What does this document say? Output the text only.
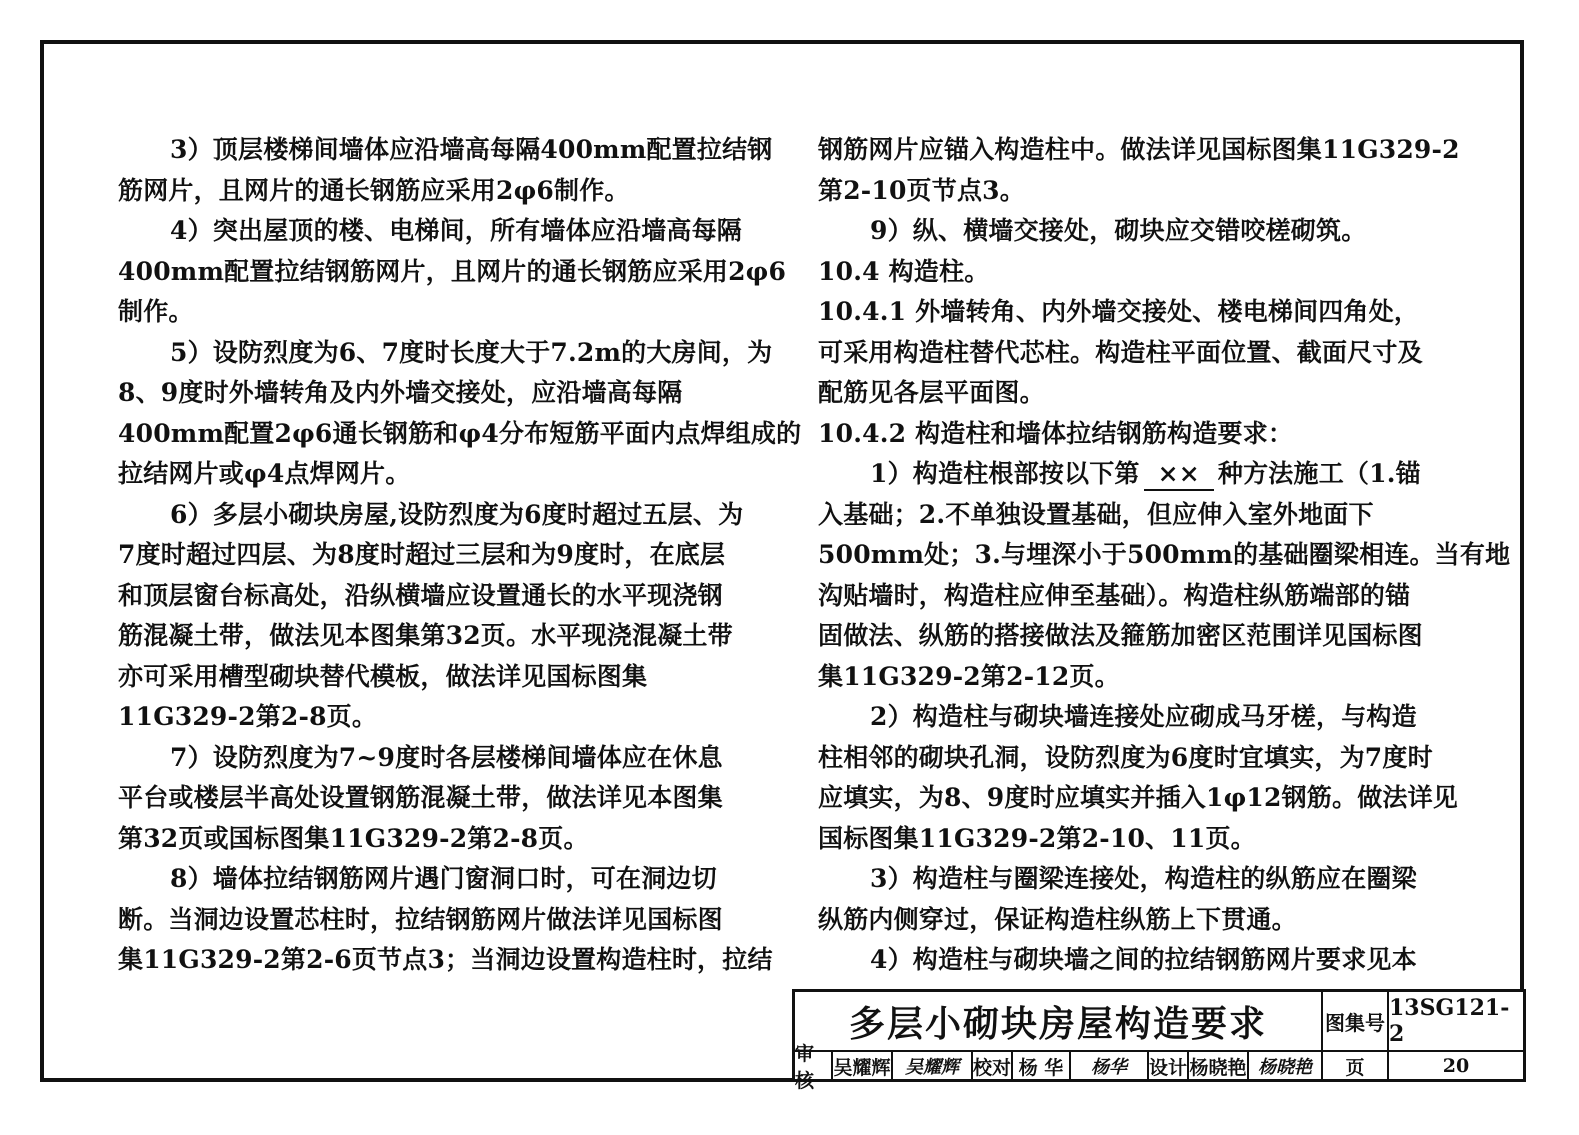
3）顶层楼梯间墙体应沿墙高每隔400mm配置拉结钢
筋网片，且网片的通长钢筋应采用2φ6制作。
4）突出屋顶的楼、电梯间，所有墙体应沿墙高每隔
400mm配置拉结钢筋网片，且网片的通长钢筋应采用2φ6
制作。
5）设防烈度为6、7度时长度大于7.2m的大房间，为
8、9度时外墙转角及内外墙交接处，应沿墙高每隔
400mm配置2φ6通长钢筋和φ4分布短筋平面内点焊组成的
拉结网片或φ4点焊网片。
6）多层小砌块房屋,设防烈度为6度时超过五层、为
7度时超过四层、为8度时超过三层和为9度时，在底层
和顶层窗台标高处，沿纵横墙应设置通长的水平现浇钢
筋混凝土带，做法见本图集第32页。水平现浇混凝土带
亦可采用槽型砌块替代模板，做法详见国标图集
11G329-2第2-8页。
7）设防烈度为7~9度时各层楼梯间墙体应在休息
平台或楼层半高处设置钢筋混凝土带，做法详见本图集
第32页或国标图集11G329-2第2-8页。
8）墙体拉结钢筋网片遇门窗洞口时，可在洞边切
断。当洞边设置芯柱时，拉结钢筋网片做法详见国标图
集11G329-2第2-6页节点3；当洞边设置构造柱时，拉结
钢筋网片应锚入构造柱中。做法详见国标图集11G329-2
第2-10页节点3。
9）纵、横墙交接处，砌块应交错咬槎砌筑。
10.4 构造柱。
10.4.1 外墙转角、内外墙交接处、楼电梯间四角处，
可采用构造柱替代芯柱。构造柱平面位置、截面尺寸及
配筋见各层平面图。
10.4.2 构造柱和墙体拉结钢筋构造要求：
1）构造柱根部按以下第 ×× 种方法施工（1.锚
入基础；2.不单独设置基础，但应伸入室外地面下
500mm处；3.与埋深小于500mm的基础圈梁相连。当有地
沟贴墙时，构造柱应伸至基础）。构造柱纵筋端部的锚
固做法、纵筋的搭接做法及箍筋加密区范围详见国标图
集11G329-2第2-12页。
2）构造柱与砌块墙连接处应砌成马牙槎，与构造
柱相邻的砌块孔洞，设防烈度为6度时宜填实，为7度时
应填实，为8、9度时应填实并插入1φ12钢筋。做法详见
国标图集11G329-2第2-10、11页。
3）构造柱与圈梁连接处，构造柱的纵筋应在圈梁
纵筋内侧穿过，保证构造柱纵筋上下贯通。
4）构造柱与砌块墙之间的拉结钢筋网片要求见本
多层小砌块房屋构造要求	图集号
13SG121-2
审核
吴耀辉 吴耀辉 校对 杨 华	杨华	设计 杨晓艳 杨晓艳	页	20
